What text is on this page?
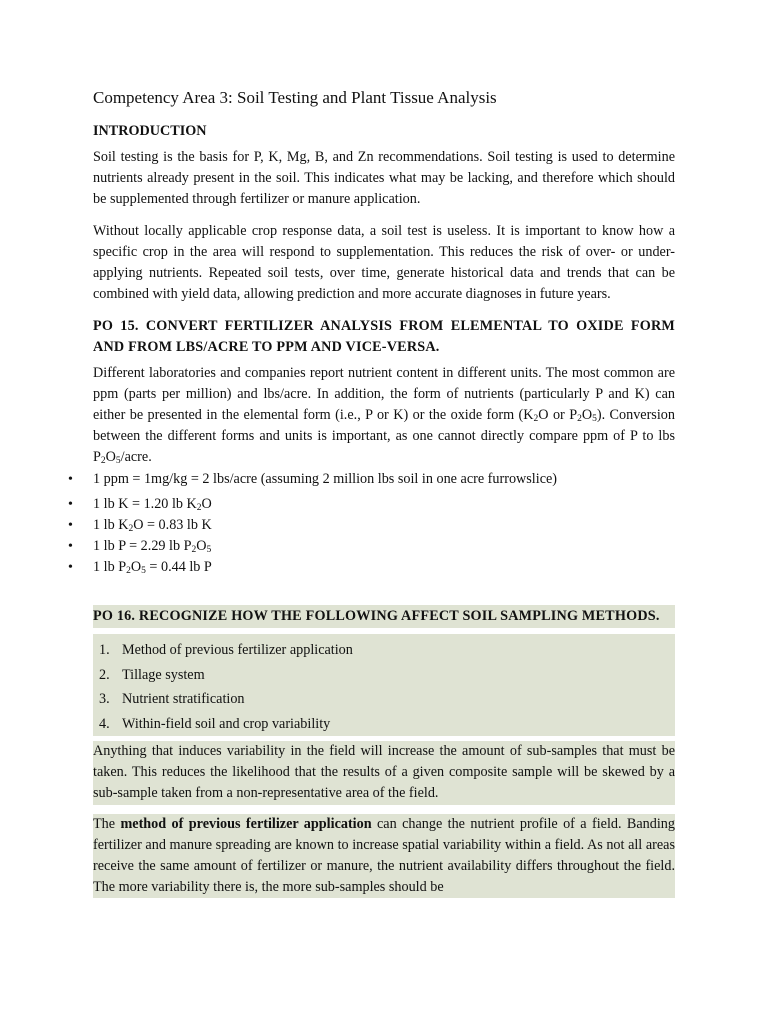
Competency Area 3: Soil Testing and Plant Tissue Analysis
INTRODUCTION

Soil testing is the basis for P, K, Mg, B, and Zn recommendations. Soil testing is used to determine nutrients already present in the soil. This indicates what may be lacking, and therefore which should be supplemented through fertilizer or manure application.

Without locally applicable crop response data, a soil test is useless. It is important to know how a specific crop in the area will respond to supplementation. This reduces the risk of over- or under-applying nutrients. Repeated soil tests, over time, generate historical data and trends that can be combined with yield data, allowing prediction and more accurate diagnoses in future years.

PO 15. CONVERT FERTILIZER ANALYSIS FROM ELEMENTAL TO OXIDE FORM AND FROM LBS/ACRE TO PPM AND VICE-VERSA.

Different laboratories and companies report nutrient content in different units. The most common are ppm (parts per million) and lbs/acre. In addition, the form of nutrients (particularly P and K) can either be presented in the elemental form (i.e., P or K) or the oxide form ($K_2O$ or $P_2O_5$). Conversion between the different forms and units is important, as one cannot directly compare ppm of P to lbs $P_2O_5$/acre.

• 1 ppm = 1mg/kg = 2 lbs/acre (assuming 2 million lbs soil in one acre furrowslice)
• 1 lb K = 1.20 lb $K_2O$
• 1 lb $K_2O = 0.83$ lb K
• 1 lb P = 2.29 lb $P_2O_5$
• 1 lb $P_2O_5 = 0.44$ lb P
PO 16. RECOGNIZE HOW THE FOLLOWING AFFECT SOIL SAMPLING METHODS.
1. Method of previous fertilizer application
2. Tillage system
3. Nutrient stratification
4. Within-field soil and crop variability

Anything that induces variability in the field will increase the amount of sub-samples that must be taken. This reduces the likelihood that the results of a given composite sample will be skewed by a sub-sample taken from a non-representative area of the field.

The method of previous fertilizer application can change the nutrient profile of a field. Banding fertilizer and manure spreading are known to increase spatial variability within a field. As not all areas receive the same amount of fertilizer or manure, the nutrient availability differs throughout the field. The more variability there is, the more sub-samples should be
